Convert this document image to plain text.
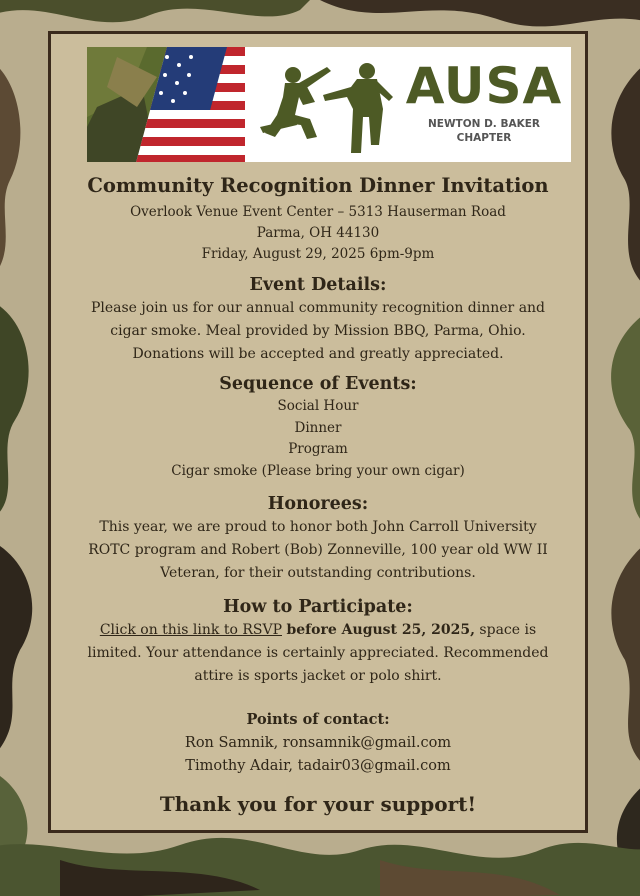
AUSA
NEWTON D. BAKER
CHAPTER
Community Recognition Dinner Invitation
Overlook Venue Event Center – 5313 Hauserman Road
Parma, OH 44130
Friday, August 29, 2025 6pm-9pm
Event Details:
Please join us for our annual community recognition dinner and cigar smoke. Meal provided by Mission BBQ, Parma, Ohio. Donations will be accepted and greatly appreciated.
Sequence of Events:
Social Hour
Dinner
Program
Cigar smoke (Please bring your own cigar)
Honorees:
This year, we are proud to honor both John Carroll University ROTC program and Robert (Bob) Zonneville, 100 year old WW II Veteran, for their outstanding contributions.
How to Participate:
Click on this link to RSVP before August 25, 2025, space is limited. Your attendance is certainly appreciated. Recommended attire is sports jacket or polo shirt.
Points of contact:
Ron Samnik, ronsamnik@gmail.com
Timothy Adair, tadair03@gmail.com
Thank you for your support!
